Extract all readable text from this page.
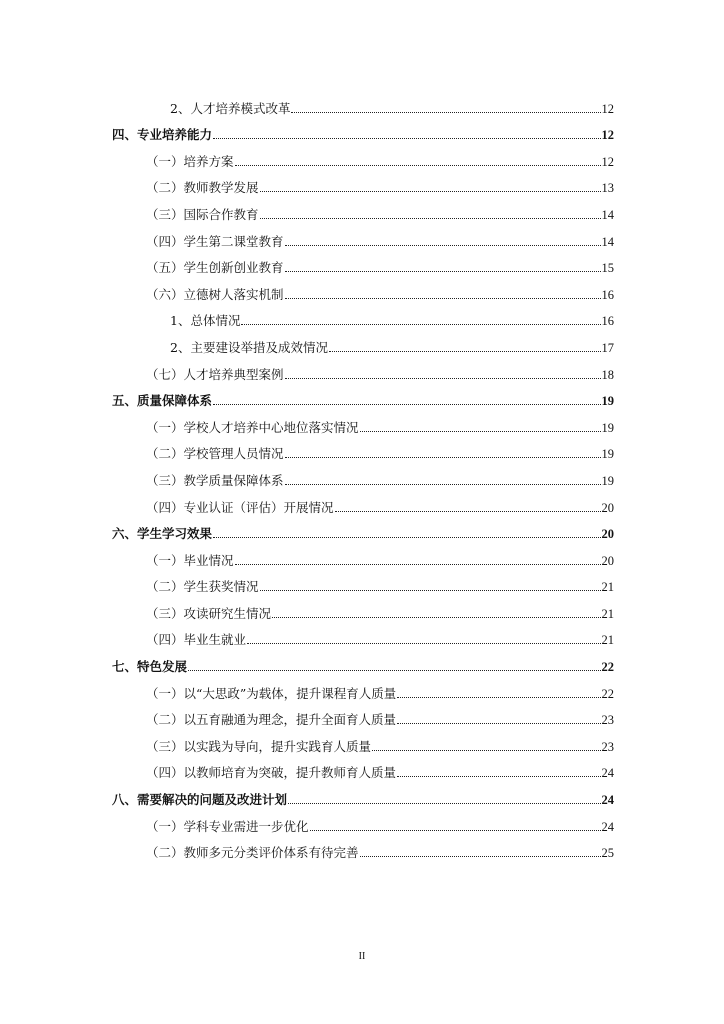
2、人才培养模式改革	12
四、专业培养能力	12
（一）培养方案	12
（二）教师教学发展	13
（三）国际合作教育	14
（四）学生第二课堂教育	14
（五）学生创新创业教育	15
（六）立德树人落实机制	16
1、总体情况	16
2、主要建设举措及成效情况	17
（七）人才培养典型案例	18
五、质量保障体系	19
（一）学校人才培养中心地位落实情况	19
（二）学校管理人员情况	19
（三）教学质量保障体系	19
（四）专业认证（评估）开展情况	20
六、学生学习效果	20
（一）毕业情况	20
（二）学生获奖情况	21
（三）攻读研究生情况	21
（四）毕业生就业	21
七、特色发展	22
（一）以“大思政”为载体，提升课程育人质量	22
（二）以五育融通为理念，提升全面育人质量	23
（三）以实践为导向，提升实践育人质量	23
（四）以教师培育为突破，提升教师育人质量	24
八、需要解决的问题及改进计划	24
（一）学科专业需进一步优化	24
（二）教师多元分类评价体系有待完善	25
II
